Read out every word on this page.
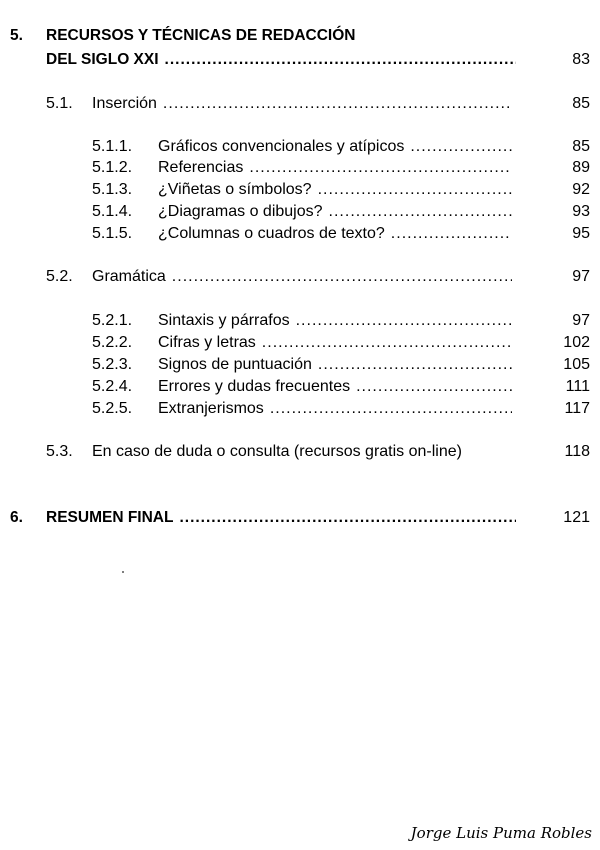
5. RECURSOS Y TÉCNICAS DE REDACCIÓN
DEL SIGLO XXI .....	83
5.1.	Inserción .....	85
5.1.1.	Gráficos convencionales y atípicos .....	85
5.1.2.	Referencias .....	89
5.1.3.	¿Viñetas o símbolos? .....	92
5.1.4.	¿Diagramas o dibujos? .....	93
5.1.5.	¿Columnas o cuadros de texto? .....	95
5.2.	Gramática .....	97
5.2.1.	Sintaxis y párrafos .....	97
5.2.2.	Cifras y letras .....	102
5.2.3.	Signos de puntuación .....	105
5.2.4.	Errores y dudas frecuentes .....	111
5.2.5.	Extranjerismos .....	117
5.3.	En caso de duda o consulta (recursos gratis on-line)	118
6. RESUMEN FINAL .....	121
Jorge Luis Puma Robles
